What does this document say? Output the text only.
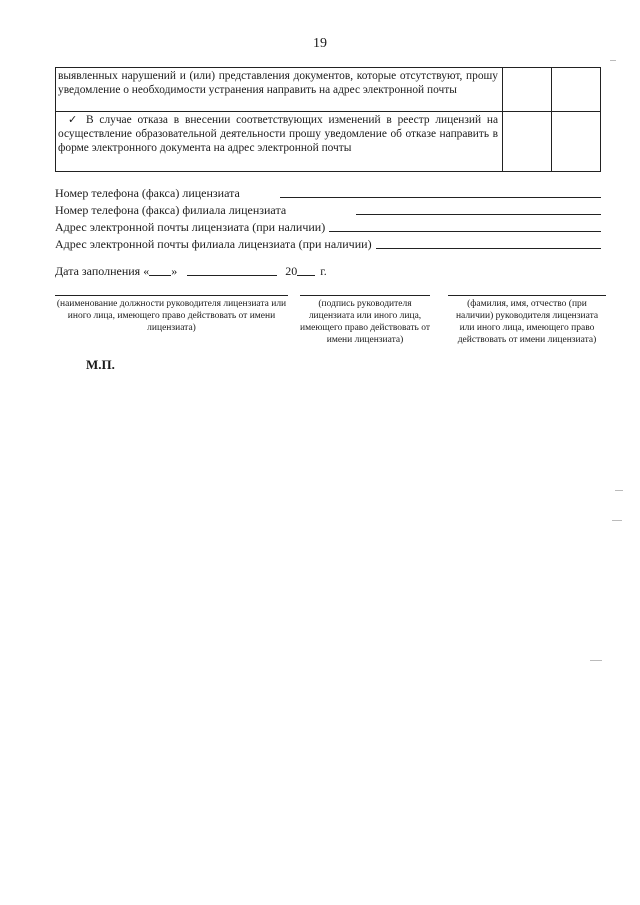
19
выявленных нарушений и (или) представления документов, которые отсутствуют, прошу уведомление о необходимости устранения направить на адрес электронной почты		
✓ В случае отказа в внесении соответствующих изменений в реестр лицензий на осуществление образовательной деятельности прошу уведомление об отказе направить в форме электронного документа на адрес электронной почты		
Номер телефона (факса) лицензиата
Номер телефона (факса) филиала лицензиата
Адрес электронной почты лицензиата (при наличии)
Адрес электронной почты филиала лицензиата (при наличии)
Дата заполнения « »	20 г.
(наименование должности руководителя лицензиата или иного лица, имеющего право действовать от имени лицензиата)
(подпись руководителя лицензиата или иного лица, имеющего право действовать от имени лицензиата)
(фамилия, имя, отчество (при наличии) руководителя лицензиата или иного лица, имеющего право действовать от имени лицензиата)
М.П.
